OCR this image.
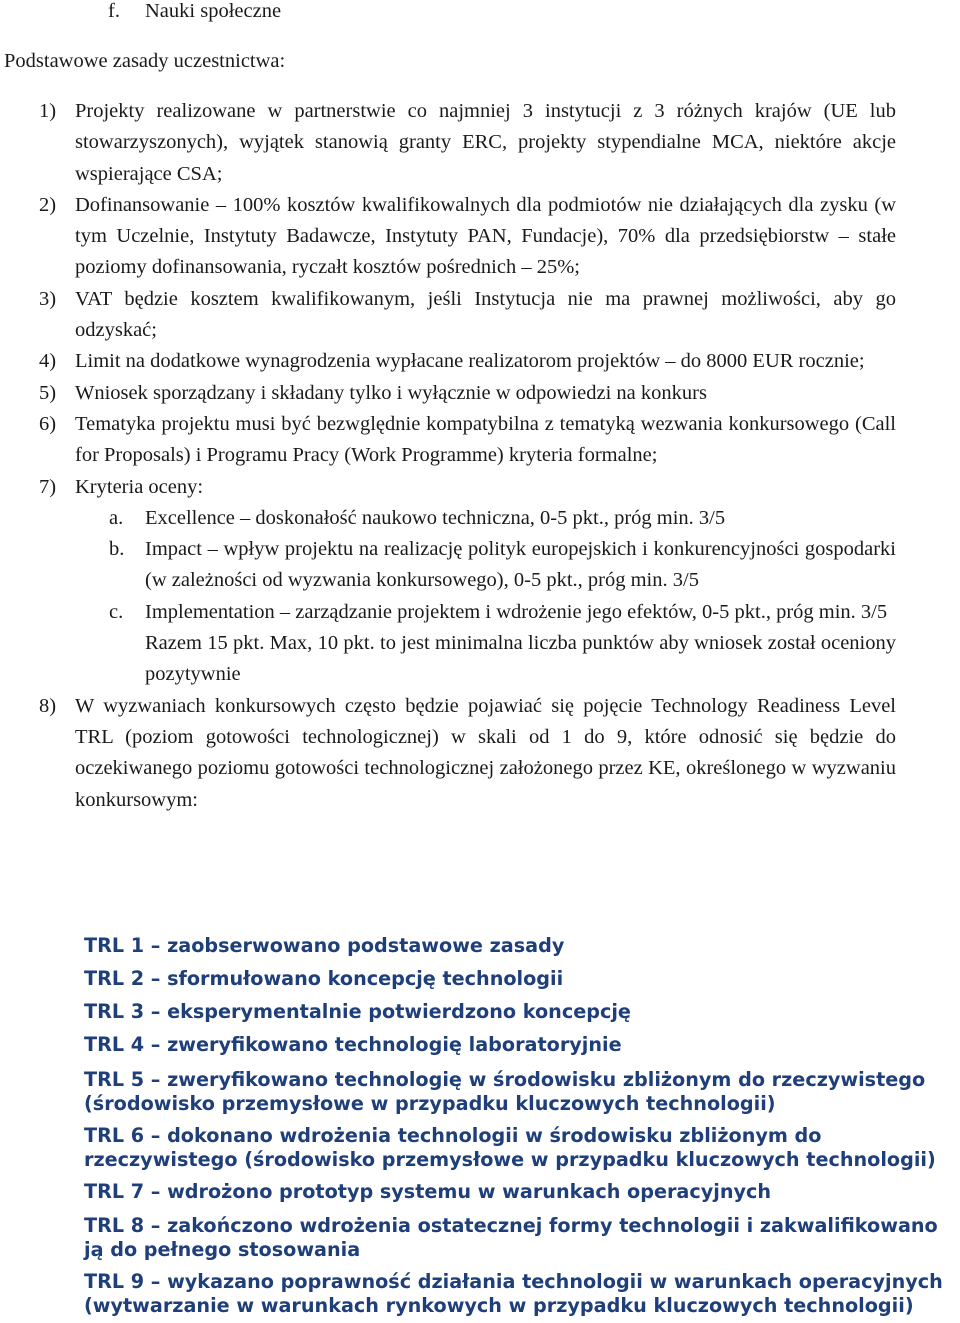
f. Nauki społeczne
Podstawowe zasady uczestnictwa:
1) Projekty realizowane w partnerstwie co najmniej 3 instytucji z 3 różnych krajów (UE lub stowarzyszonych), wyjątek stanowią granty ERC, projekty stypendialne MCA, niektóre akcje wspierające CSA;
2) Dofinansowanie – 100% kosztów kwalifikowalnych dla podmiotów nie działających dla zysku (w tym Uczelnie, Instytuty Badawcze, Instytuty PAN, Fundacje), 70% dla przedsiębiorstw – stałe poziomy dofinansowania, ryczałt kosztów pośrednich – 25%;
3) VAT będzie kosztem kwalifikowanym, jeśli Instytucja nie ma prawnej możliwości, aby go odzyskać;
4) Limit na dodatkowe wynagrodzenia wypłacane realizatorom projektów – do 8000 EUR rocznie;
5) Wniosek sporządzany i składany tylko i wyłącznie w odpowiedzi na konkurs
6) Tematyka projektu musi być bezwględnie kompatybilna z tematyką wezwania konkursowego (Call for Proposals) i Programu Pracy (Work Programme) kryteria formalne;
7) Kryteria oceny:
a. Excellence – doskonałość naukowo techniczna, 0-5 pkt., próg min. 3/5
b. Impact – wpływ projektu na realizację polityk europejskich i konkurencyjności gospodarki (w zależności od wyzwania konkursowego), 0-5 pkt., próg min. 3/5
c. Implementation – zarządzanie projektem i wdrożenie jego efektów, 0-5 pkt., próg min. 3/5
Razem 15 pkt. Max, 10 pkt. to jest minimalna liczba punktów aby wniosek został oceniony pozytywnie
8) W wyzwaniach konkursowych często będzie pojawiać się pojęcie Technology Readiness Level TRL (poziom gotowości technologicznej) w skali od 1 do 9, które odnosić się będzie do oczekiwanego poziomu gotowości technologicznej założonego przez KE, określonego w wyzwaniu konkursowym:
TRL 1 – zaobserwowano podstawowe zasady
TRL 2 – sformułowano koncepcję technologii
TRL 3 – eksperymentalnie potwierdzono koncepcję
TRL 4 – zweryfikowano technologię laboratoryjnie
TRL 5 – zweryfikowano technologię w środowisku zbliżonym do rzeczywistego
(środowisko przemysłowe w przypadku kluczowych technologii)
TRL 6 – dokonano wdrożenia technologii w środowisku zbliżonym do
rzeczywistego (środowisko przemysłowe w przypadku kluczowych technologii)
TRL 7 – wdrożono prototyp systemu w warunkach operacyjnych
TRL 8 – zakończono wdrożenia ostatecznej formy technologii i zakwalifikowano
ją do pełnego stosowania
TRL 9 – wykazano poprawność działania technologii w warunkach operacyjnych
(wytwarzanie w warunkach rynkowych w przypadku kluczowych technologii)
